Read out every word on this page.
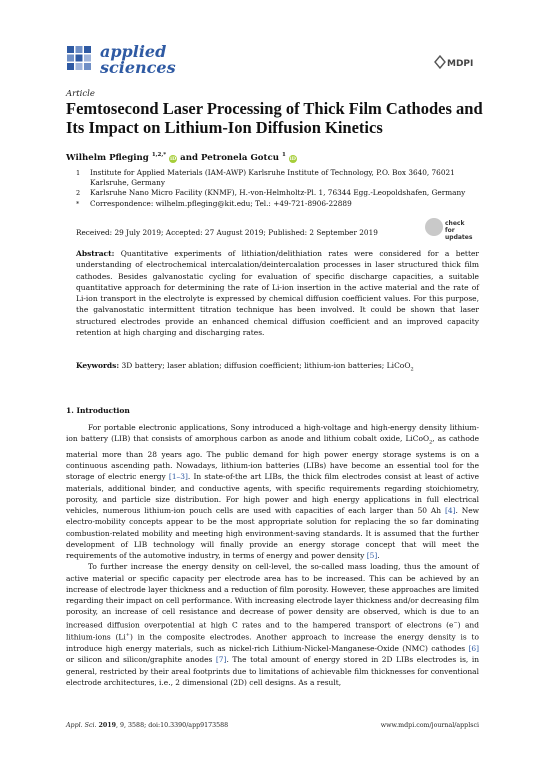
applied
sciences	MDPI
Article
Femtosecond Laser Processing of Thick Film Cathodes and Its Impact on Lithium-Ion Diffusion Kinetics
Wilhelm Pfleging $^{1,2,*}$ iD and Petronela Gotcu $^1$ iD
1 Institute for Applied Materials (IAM-AWP) Karlsruhe Institute of Technology, P.O. Box 3640, 76021 Karlsruhe, Germany
2 Karlsruhe Nano Micro Facility (KNMF), H.-von-Helmholtz-Pl. 1, 76344 Egg.-Leopoldshafen, Germany
* Correspondence: wilhelm.pfleging@kit.edu; Tel.: +49-721-8906-22889
check for
updates
Received: 29 July 2019; Accepted: 27 August 2019; Published: 2 September 2019
Abstract: Quantitative experiments of lithiation/delithiation rates were considered for a better understanding of electrochemical intercalation/deintercalation processes in laser structured thick film cathodes. Besides galvanostatic cycling for evaluation of specific discharge capacities, a suitable quantitative approach for determining the rate of Li-ion insertion in the active material and the rate of Li-ion transport in the electrolyte is expressed by chemical diffusion coefficient values. For this purpose, the galvanostatic intermittent titration technique has been involved. It could be shown that laser structured electrodes provide an enhanced chemical diffusion coefficient and an improved capacity retention at high charging and discharging rates.
Keywords: 3D battery; laser ablation; diffusion coefficient; lithium-ion batteries; LiCoO$_2$
1. Introduction

For portable electronic applications, Sony introduced a high-voltage and high-energy density lithium-ion battery (LIB) that consists of amorphous carbon as anode and lithium cobalt oxide, LiCoO$_2$, as cathode material more than 28 years ago. The public demand for high power energy storage systems is on a continuous ascending path. Nowadays, lithium-ion batteries (LIBs) have become an essential tool for the storage of electric energy [1–3]. In state-of-the art LIBs, the thick film electrodes consist at least of active materials, additional binder, and conductive agents, with specific requirements regarding stoichiometry, porosity, and particle size distribution. For high power and high energy applications in full electrical vehicles, numerous lithium-ion pouch cells are used with capacities of each larger than 50 Ah [4]. New electro-mobility concepts appear to be the most appropriate solution for replacing the so far dominating combustion-related mobility and meeting high environment-saving standards. It is assumed that the further development of LIB technology will finally provide an energy storage concept that will meet the requirements of the automotive industry, in terms of energy and power density [5].

To further increase the energy density on cell-level, the so-called mass loading, thus the amount of active material or specific capacity per electrode area has to be increased. This can be achieved by an increase of electrode layer thickness and a reduction of film porosity. However, these approaches are limited regarding their impact on cell performance. With increasing electrode layer thickness and/or decreasing film porosity, an increase of cell resistance and decrease of power density are observed, which is due to an increased diffusion overpotential at high C rates and to the hampered transport of electrons (e−) and lithium-ions (Li+) in the composite electrodes. Another approach to increase the energy density is to introduce high energy materials, such as nickel-rich Lithium-Nickel-Manganese-Oxide (NMC) cathodes [6] or silicon and silicon/graphite anodes [7]. The total amount of energy stored in 2D LIBs electrodes is, in general, restricted by their areal footprints due to limitations of achievable film thicknesses for conventional electrode architectures, i.e., 2 dimensional (2D) cell designs. As a result,

Appl. Sci. 2019, 9, 3588; doi:10.3390/app9173588	www.mdpi.com/journal/applsci
